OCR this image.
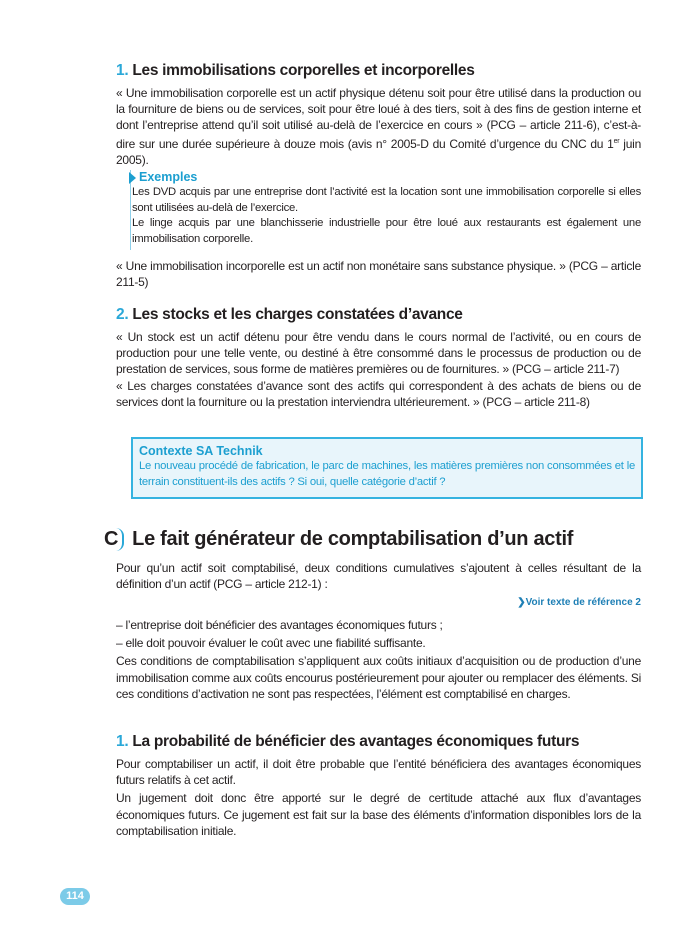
1. Les immobilisations corporelles et incorporelles

« Une immobilisation corporelle est un actif physique détenu soit pour être utilisé dans la production ou la fourniture de biens ou de services, soit pour être loué à des tiers, soit à des fins de gestion interne et dont l’entreprise attend qu’il soit utilisé au-delà de l’exercice en cours » (PCG – article 211-6), c’est-à-dire sur une durée supérieure à douze mois (avis n° 2005-D du Comité d’urgence du CNC du 1er juin 2005).

Exemples

Les DVD acquis par une entreprise dont l’activité est la location sont une immobilisation corporelle si elles sont utilisées au-delà de l’exercice.

Le linge acquis par une blanchisserie industrielle pour être loué aux restaurants est également une immobilisation corporelle.

« Une immobilisation incorporelle est un actif non monétaire sans substance physique. » (PCG – article 211-5)

2. Les stocks et les charges constatées d’avance

« Un stock est un actif détenu pour être vendu dans le cours normal de l’activité, ou en cours de production pour une telle vente, ou destiné à être consommé dans le processus de production ou de prestation de services, sous forme de matières premières ou de fournitures. » (PCG – article 211-7)

« Les charges constatées d’avance sont des actifs qui correspondent à des achats de biens ou de services dont la fourniture ou la prestation interviendra ultérieurement. » (PCG – article 211-8)

Contexte SA Technik

Le nouveau procédé de fabrication, le parc de machines, les matières premières non consommées et le terrain constituent-ils des actifs ? Si oui, quelle catégorie d’actif ?

C Le fait générateur de comptabilisation d’un actif

Pour qu’un actif soit comptabilisé, deux conditions cumulatives s’ajoutent à celles résultant de la définition d’un actif (PCG – article 212-1) :

❯Voir texte de référence 2

– l’entreprise doit bénéficier des avantages économiques futurs ;

– elle doit pouvoir évaluer le coût avec une fiabilité suffisante.

Ces conditions de comptabilisation s’appliquent aux coûts initiaux d’acquisition ou de production d’une immobilisation comme aux coûts encourus postérieurement pour ajouter ou remplacer des éléments. Si ces conditions d’activation ne sont pas respectées, l’élément est comptabilisé en charges.

1. La probabilité de bénéficier des avantages économiques futurs

Pour comptabiliser un actif, il doit être probable que l’entité bénéficiera des avantages économiques futurs relatifs à cet actif.

Un jugement doit donc être apporté sur le degré de certitude attaché aux flux d’avantages économiques futurs. Ce jugement est fait sur la base des éléments d’information disponibles lors de la comptabilisation initiale.

114
